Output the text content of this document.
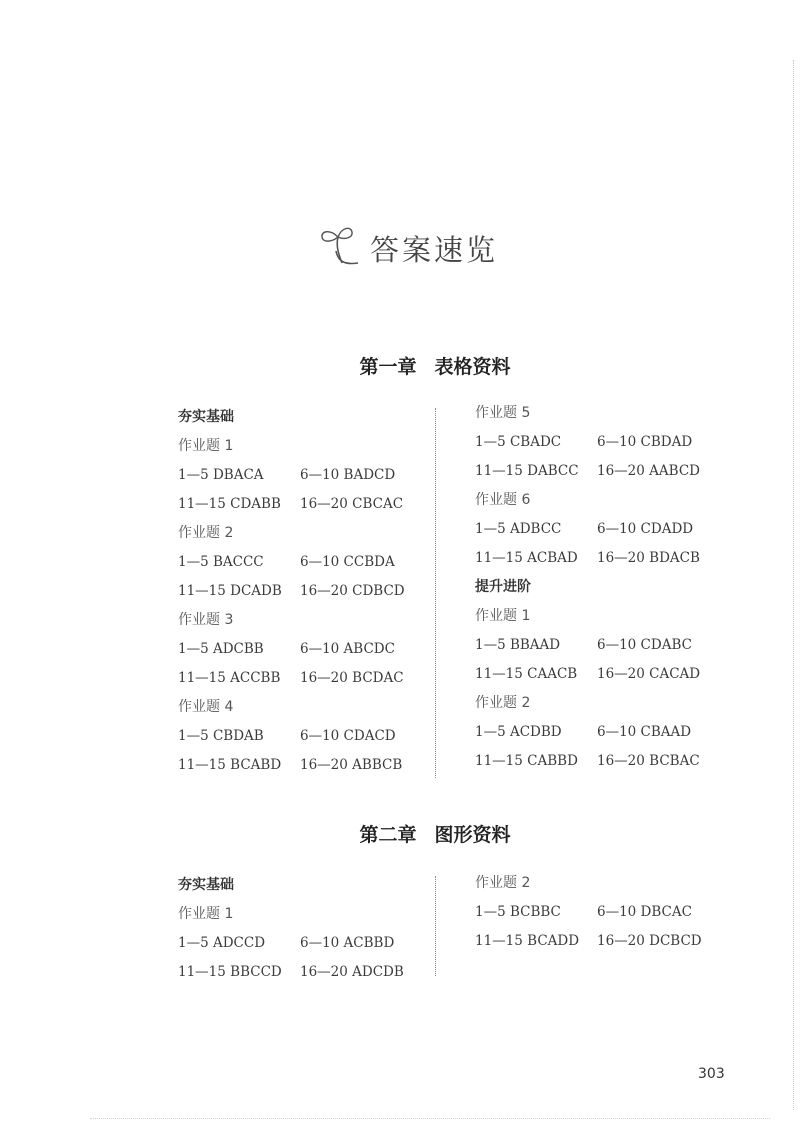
答案速览
第一章 表格资料
夯实基础
作业题 1
1—5 DBACA	6—10 BADCD
11—15 CDABB	16—20 CBCAC
作业题 2
1—5 BACCC	6—10 CCBDA
11—15 DCADB	16—20 CDBCD
作业题 3
1—5 ADCBB	6—10 ABCDC
11—15 ACCBB	16—20 BCDAC
作业题 4
1—5 CBDAB	6—10 CDACD
11—15 BCABD	16—20 ABBCB
作业题 5
1—5 CBADC	6—10 CBDAD
11—15 DABCC	16—20 AABCD
作业题 6
1—5 ADBCC	6—10 CDADD
11—15 ACBAD	16—20 BDACB
提升进阶
作业题 1
1—5 BBAAD	6—10 CDABC
11—15 CAACB	16—20 CACAD
作业题 2
1—5 ACDBD	6—10 CBAAD
11—15 CABBD	16—20 BCBAC
第二章 图形资料
夯实基础
作业题 1
1—5 ADCCD	6—10 ACBBD
11—15 BBCCD	16—20 ADCDB
作业题 2
1—5 BCBBC	6—10 DBCAC
11—15 BCADD	16—20 DCBCD
303
